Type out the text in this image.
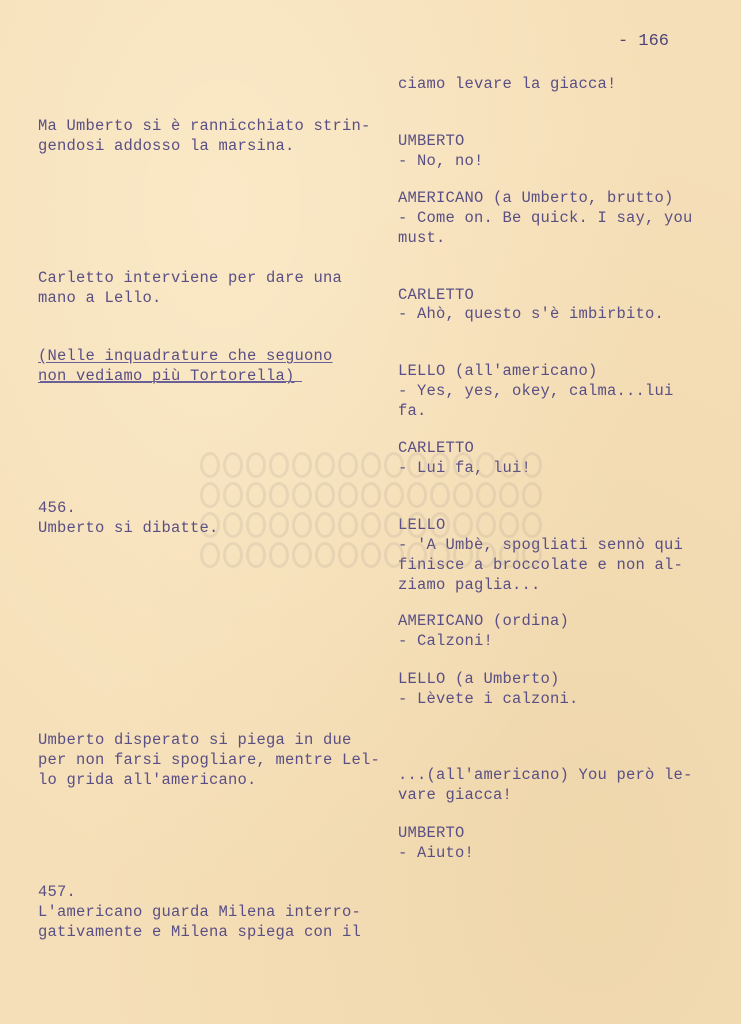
- 166
Ma Umberto si è rannicchiato strin-
gendosi addosso la marsina.
Carletto interviene per dare una
mano a Lello.
(Nelle inquadrature che seguono
non vediamo più Tortorella)
456.
Umberto si dibatte.
Umberto disperato si piega in due
per non farsi spogliare, mentre Lel-
lo grida all'americano.
457.
L'americano guarda Milena interro-
gativamente e Milena spiega con il
ciamo levare la giacca!
UMBERTO
- No, no!
AMERICANO (a Umberto, brutto)
- Come on. Be quick. I say, you
must.
CARLETTO
- Ahò, questo s'è imbirbito.
LELLO (all'americano)
- Yes, yes, okey, calma...lui
fa.
CARLETTO
- Lui fa, lui!
LELLO
- 'A Umbè, spogliati sennò qui
finisce a broccolate e non al-
ziamo paglia...
AMERICANO (ordina)
- Calzoni!
LELLO (a Umberto)
- Lèvete i calzoni.
...(all'americano) You però le-
vare giacca!
UMBERTO
- Aiuto!
